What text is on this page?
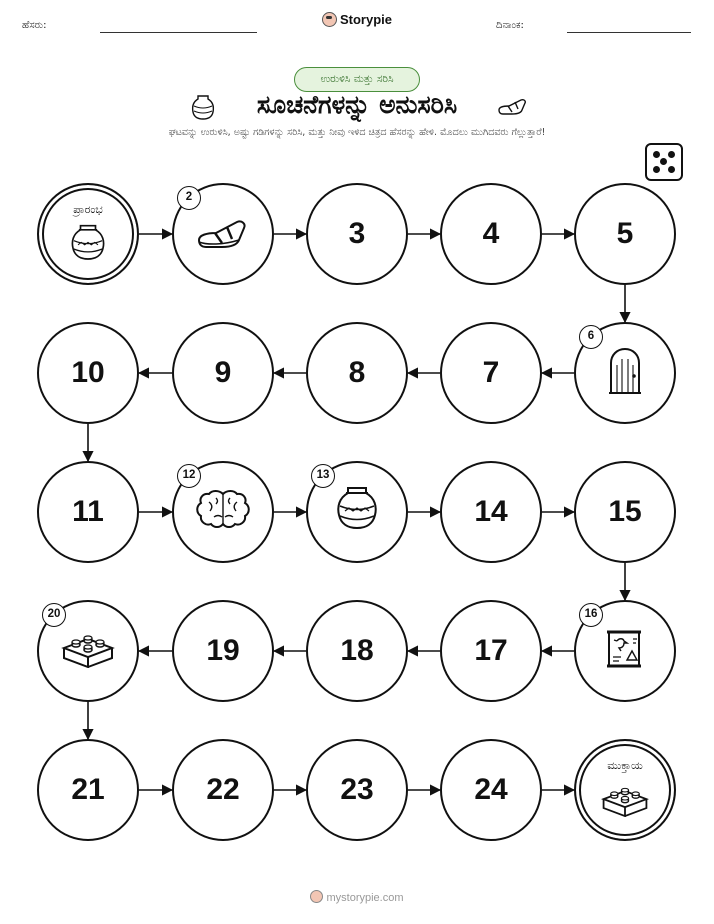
ಹೆಸರು:	Storypie	ದಿನಾಂಕ:
ಉರುಳಿಸಿ ಮತ್ತು ಸರಿಸಿ
ಸೂಚನೆಗಳನ್ನು ಅನುಸರಿಸಿ
ಘಟವನ್ನು ಉರುಳಿಸಿ, ಅಷ್ಟು ಗಡಿಗಳನ್ನು ಸರಿಸಿ, ಮತ್ತು ನೀವು ಇಳಿದ ಚಿತ್ರದ ಹೆಸರನ್ನು ಹೇಳಿ. ಮೊದಲು ಮುಗಿದವರು ಗೆಲ್ಲುತ್ತಾರೆ!
ಪ್ರಾರಂಭ
2
3	4	5
10	9	8	7
6
11
12	13
14	15
20
19	18	17
16
21	22	23	24
ಮುಕ್ತಾಯ
mystorypie.com
